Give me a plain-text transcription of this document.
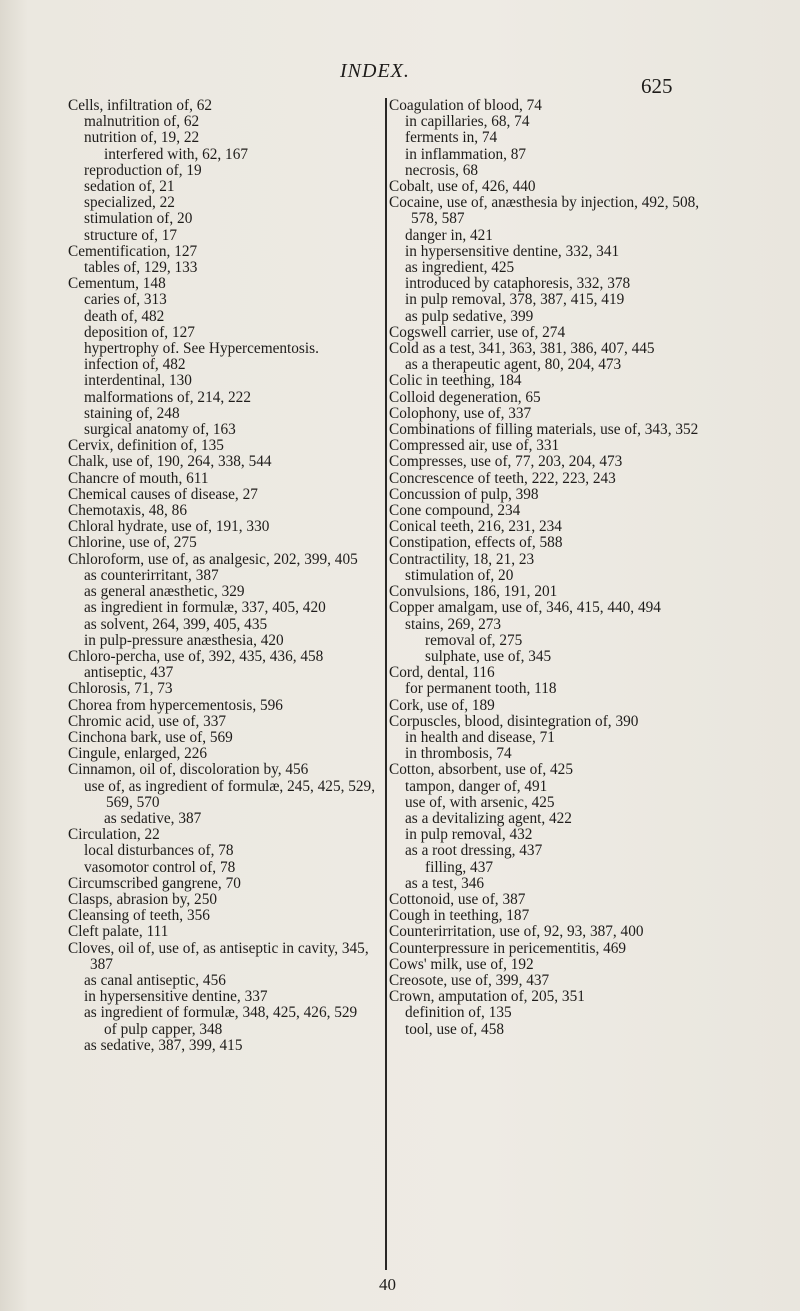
INDEX.
625
Cells, infiltration of, 62
malnutrition of, 62
nutrition of, 19, 22
interfered with, 62, 167
reproduction of, 19
sedation of, 21
specialized, 22
stimulation of, 20
structure of, 17
Cementification, 127
tables of, 129, 133
Cementum, 148
caries of, 313
death of, 482
deposition of, 127
hypertrophy of. See Hypercementosis.
infection of, 482
interdentinal, 130
malformations of, 214, 222
staining of, 248
surgical anatomy of, 163
Cervix, definition of, 135
Chalk, use of, 190, 264, 338, 544
Chancre of mouth, 611
Chemical causes of disease, 27
Chemotaxis, 48, 86
Chloral hydrate, use of, 191, 330
Chlorine, use of, 275
Chloroform, use of, as analgesic, 202, 399, 405
as counterirritant, 387
as general anæsthetic, 329
as ingredient in formulæ, 337, 405, 420
as solvent, 264, 399, 405, 435
in pulp-pressure anæsthesia, 420
Chloro-percha, use of, 392, 435, 436, 458
antiseptic, 437
Chlorosis, 71, 73
Chorea from hypercementosis, 596
Chromic acid, use of, 337
Cinchona bark, use of, 569
Cingule, enlarged, 226
Cinnamon, oil of, discoloration by, 456
use of, as ingredient of formulæ, 245, 425, 529, 569, 570
as sedative, 387
Circulation, 22
local disturbances of, 78
vasomotor control of, 78
Circumscribed gangrene, 70
Clasps, abrasion by, 250
Cleansing of teeth, 356
Cleft palate, 111
Cloves, oil of, use of, as antiseptic in cavity, 345, 387
as canal antiseptic, 456
in hypersensitive dentine, 337
as ingredient of formulæ, 348, 425, 426, 529
of pulp capper, 348
as sedative, 387, 399, 415
Coagulation of blood, 74
in capillaries, 68, 74
ferments in, 74
in inflammation, 87
necrosis, 68
Cobalt, use of, 426, 440
Cocaine, use of, anæsthesia by injection, 492, 508, 578, 587
danger in, 421
in hypersensitive dentine, 332, 341
as ingredient, 425
introduced by cataphoresis, 332, 378
in pulp removal, 378, 387, 415, 419
as pulp sedative, 399
Cogswell carrier, use of, 274
Cold as a test, 341, 363, 381, 386, 407, 445
as a therapeutic agent, 80, 204, 473
Colic in teething, 184
Colloid degeneration, 65
Colophony, use of, 337
Combinations of filling materials, use of, 343, 352
Compressed air, use of, 331
Compresses, use of, 77, 203, 204, 473
Concrescence of teeth, 222, 223, 243
Concussion of pulp, 398
Cone compound, 234
Conical teeth, 216, 231, 234
Constipation, effects of, 588
Contractility, 18, 21, 23
stimulation of, 20
Convulsions, 186, 191, 201
Copper amalgam, use of, 346, 415, 440, 494
stains, 269, 273
removal of, 275
sulphate, use of, 345
Cord, dental, 116
for permanent tooth, 118
Cork, use of, 189
Corpuscles, blood, disintegration of, 390
in health and disease, 71
in thrombosis, 74
Cotton, absorbent, use of, 425
tampon, danger of, 491
use of, with arsenic, 425
as a devitalizing agent, 422
in pulp removal, 432
as a root dressing, 437
filling, 437
as a test, 346
Cottonoid, use of, 387
Cough in teething, 187
Counterirritation, use of, 92, 93, 387, 400
Counterpressure in pericementitis, 469
Cows' milk, use of, 192
Creosote, use of, 399, 437
Crown, amputation of, 205, 351
definition of, 135
tool, use of, 458
40
